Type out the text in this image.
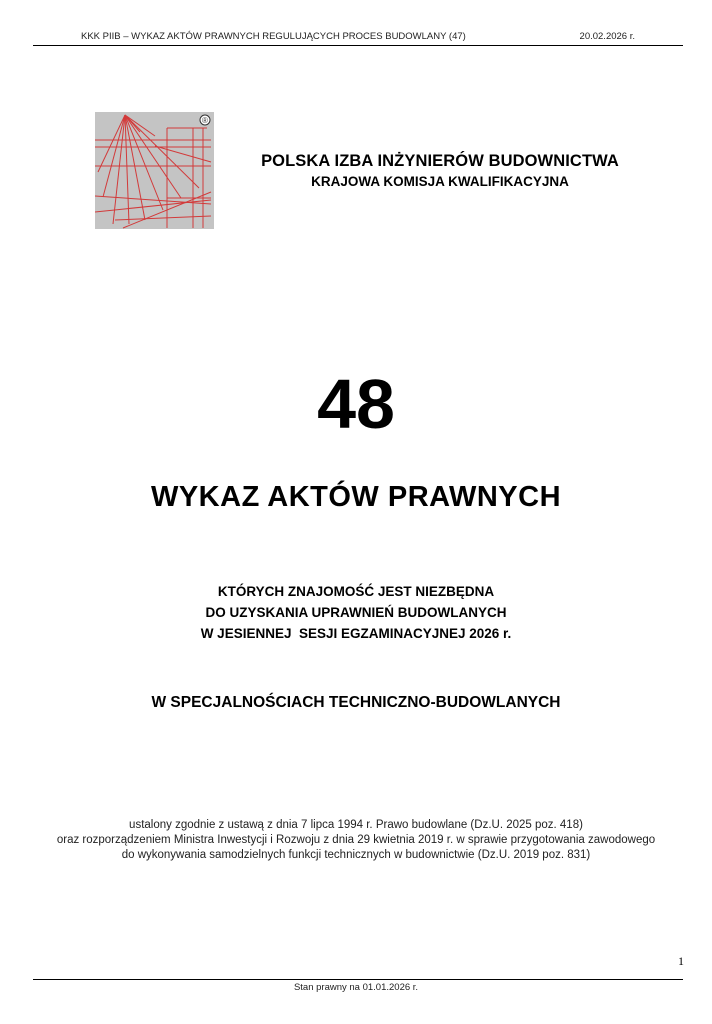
KKK PIIB – WYKAZ AKTÓW PRAWNYCH REGULUJĄCYCH PROCES BUDOWLANY (47)	20.02.2026 r.
®
POLSKA IZBA INŻYNIERÓW BUDOWNICTWA
KRAJOWA KOMISJA KWALIFIKACYJNA
48
WYKAZ AKTÓW PRAWNYCH
KTÓRYCH ZNAJOMOŚĆ JEST NIEZBĘDNA
DO UZYSKANIA UPRAWNIEŃ BUDOWLANYCH
W JESIENNEJ  SESJI EGZAMINACYJNEJ 2026 r.
W SPECJALNOŚCIACH TECHNICZNO-BUDOWLANYCH
ustalony zgodnie z ustawą z dnia 7 lipca 1994 r. Prawo budowlane (Dz.U. 2025 poz. 418)
oraz rozporządzeniem Ministra Inwestycji i Rozwoju z dnia 29 kwietnia 2019 r. w sprawie przygotowania zawodowego
do wykonywania samodzielnych funkcji technicznych w budownictwie (Dz.U. 2019 poz. 831)
1
Stan prawny na 01.01.2026 r.
